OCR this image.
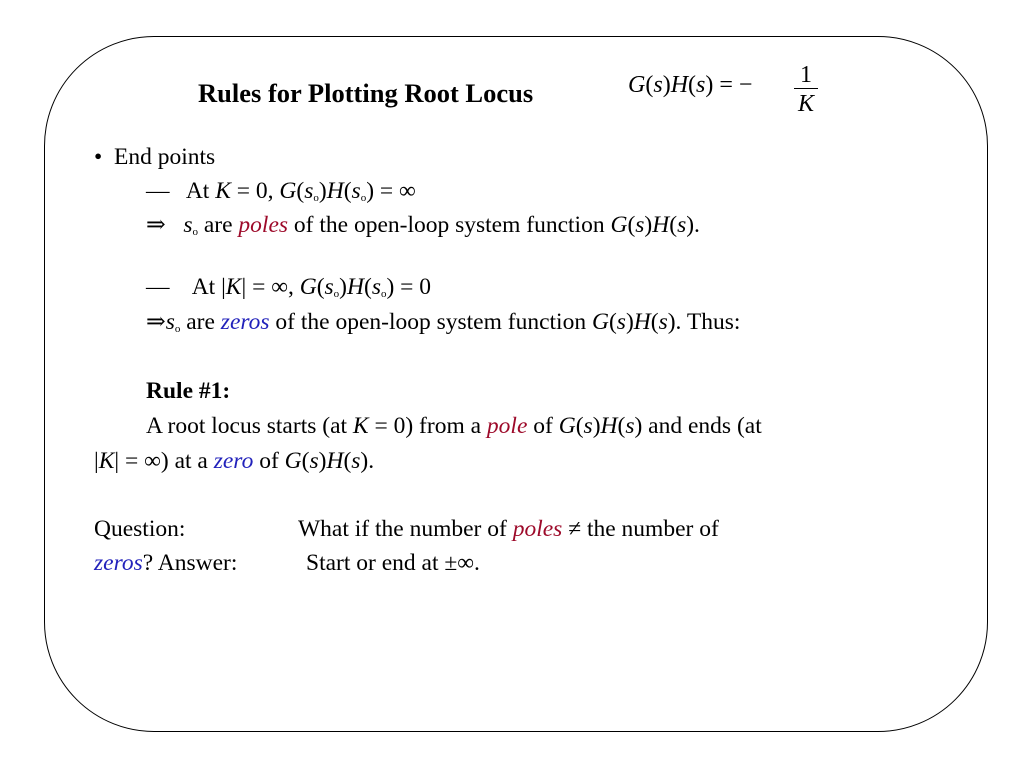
Rules for Plotting Root Locus	G(s)H(s) = − 1
K
•  End points
—   At K = 0, $G(s_o)H(s_o)$ = ∞
⇒ $s_o$ are poles of the open-loop system function G(s)H(s).
—    At |K| = ∞, $G(s_o)H(s_o) = 0$
$\Rightarrow s_o$ are zeros of the open-loop system function G(s)H(s). Thus:
Rule #1:
A root locus starts (at K = 0) from a pole of G(s)H(s) and ends (at
|K| = ∞) at a zero of G(s)H(s).
Question:	What if the number of poles ≠ the number of
zeros? Answer:	Start or end at ±∞.
